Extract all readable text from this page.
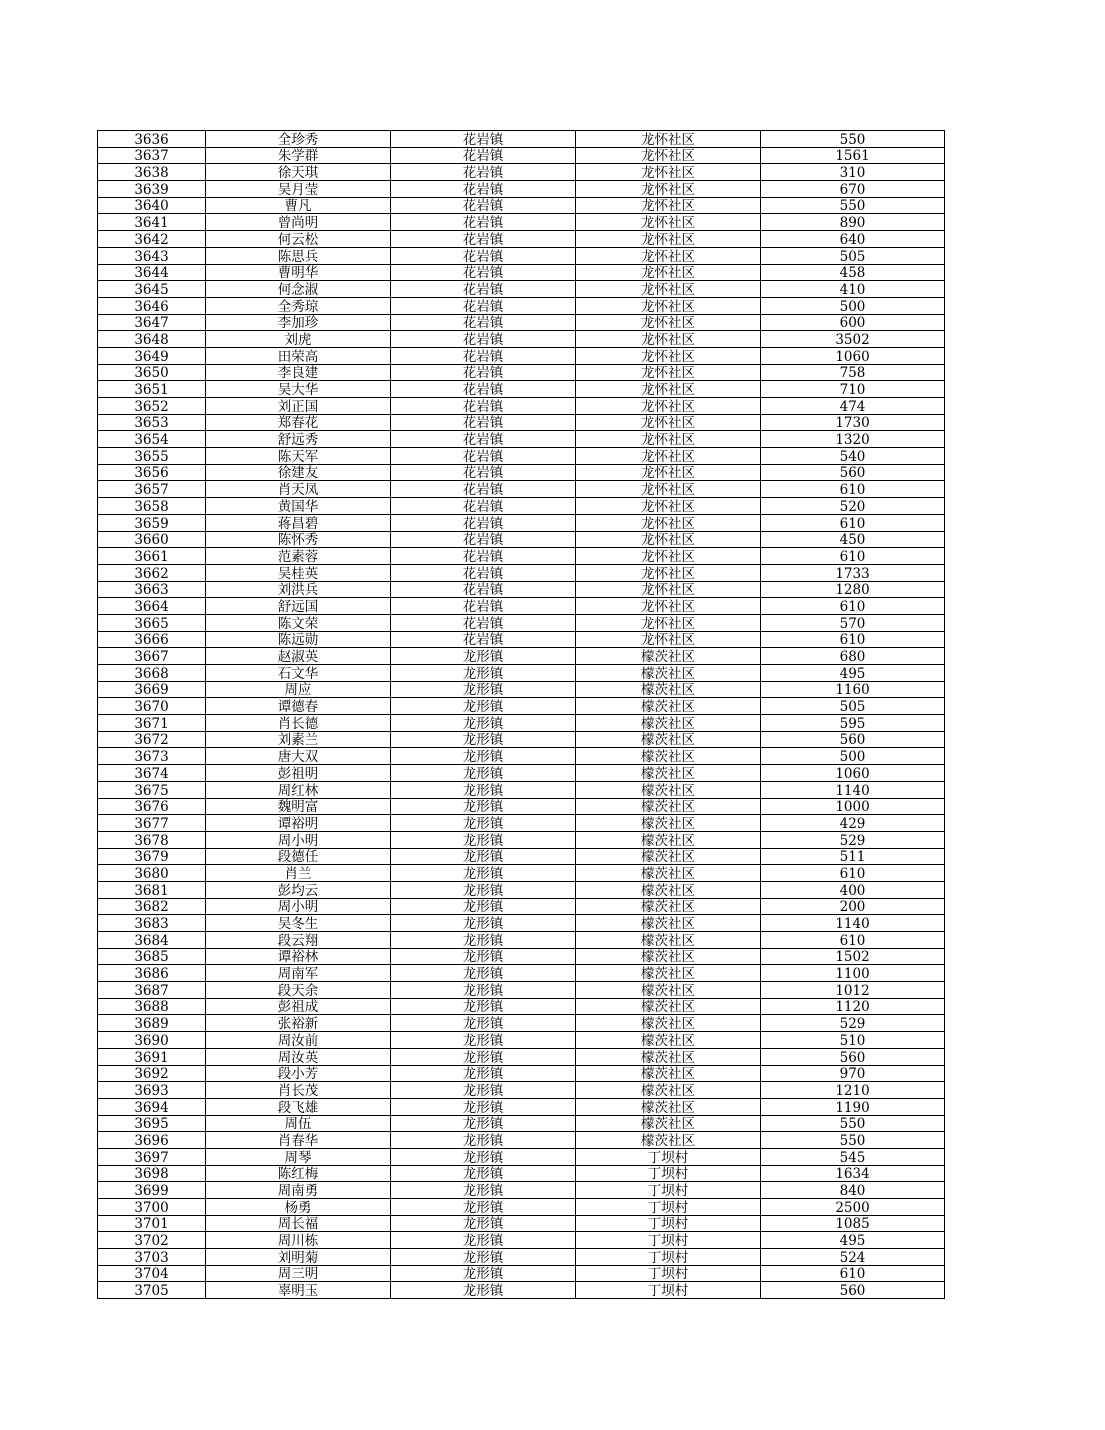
3636	全珍秀	花岩镇	龙怀社区	550
3637	朱学群	花岩镇	龙怀社区	1561
3638	徐天琪	花岩镇	龙怀社区	310
3639	吴月莹	花岩镇	龙怀社区	670
3640	曹凡	花岩镇	龙怀社区	550
3641	曾尚明	花岩镇	龙怀社区	890
3642	何云松	花岩镇	龙怀社区	640
3643	陈思兵	花岩镇	龙怀社区	505
3644	曹明华	花岩镇	龙怀社区	458
3645	何念淑	花岩镇	龙怀社区	410
3646	全秀琼	花岩镇	龙怀社区	500
3647	李加珍	花岩镇	龙怀社区	600
3648	刘虎	花岩镇	龙怀社区	3502
3649	田荣高	花岩镇	龙怀社区	1060
3650	李良建	花岩镇	龙怀社区	758
3651	吴大华	花岩镇	龙怀社区	710
3652	刘正国	花岩镇	龙怀社区	474
3653	郑春花	花岩镇	龙怀社区	1730
3654	舒远秀	花岩镇	龙怀社区	1320
3655	陈天军	花岩镇	龙怀社区	540
3656	徐建友	花岩镇	龙怀社区	560
3657	肖天凤	花岩镇	龙怀社区	610
3658	黄国华	花岩镇	龙怀社区	520
3659	蒋昌碧	花岩镇	龙怀社区	610
3660	陈怀秀	花岩镇	龙怀社区	450
3661	范素蓉	花岩镇	龙怀社区	610
3662	吴桂英	花岩镇	龙怀社区	1733
3663	刘洪兵	花岩镇	龙怀社区	1280
3664	舒远国	花岩镇	龙怀社区	610
3665	陈文荣	花岩镇	龙怀社区	570
3666	陈远勋	花岩镇	龙怀社区	610
3667	赵淑英	龙形镇	檬茨社区	680
3668	石文华	龙形镇	檬茨社区	495
3669	周应	龙形镇	檬茨社区	1160
3670	谭德春	龙形镇	檬茨社区	505
3671	肖长德	龙形镇	檬茨社区	595
3672	刘素兰	龙形镇	檬茨社区	560
3673	唐大双	龙形镇	檬茨社区	500
3674	彭祖明	龙形镇	檬茨社区	1060
3675	周红林	龙形镇	檬茨社区	1140
3676	魏明富	龙形镇	檬茨社区	1000
3677	谭裕明	龙形镇	檬茨社区	429
3678	周小明	龙形镇	檬茨社区	529
3679	段德任	龙形镇	檬茨社区	511
3680	肖兰	龙形镇	檬茨社区	610
3681	彭均云	龙形镇	檬茨社区	400
3682	周小明	龙形镇	檬茨社区	200
3683	吴冬生	龙形镇	檬茨社区	1140
3684	段云翔	龙形镇	檬茨社区	610
3685	谭裕林	龙形镇	檬茨社区	1502
3686	周南军	龙形镇	檬茨社区	1100
3687	段天余	龙形镇	檬茨社区	1012
3688	彭祖成	龙形镇	檬茨社区	1120
3689	张裕新	龙形镇	檬茨社区	529
3690	周汝前	龙形镇	檬茨社区	510
3691	周汝英	龙形镇	檬茨社区	560
3692	段小芳	龙形镇	檬茨社区	970
3693	肖长茂	龙形镇	檬茨社区	1210
3694	段飞雄	龙形镇	檬茨社区	1190
3695	周伍	龙形镇	檬茨社区	550
3696	肖春华	龙形镇	檬茨社区	550
3697	周琴	龙形镇	丁坝村	545
3698	陈红梅	龙形镇	丁坝村	1634
3699	周南勇	龙形镇	丁坝村	840
3700	杨勇	龙形镇	丁坝村	2500
3701	周长福	龙形镇	丁坝村	1085
3702	周川栋	龙形镇	丁坝村	495
3703	刘明菊	龙形镇	丁坝村	524
3704	周三明	龙形镇	丁坝村	610
3705	辜明玉	龙形镇	丁坝村	560
